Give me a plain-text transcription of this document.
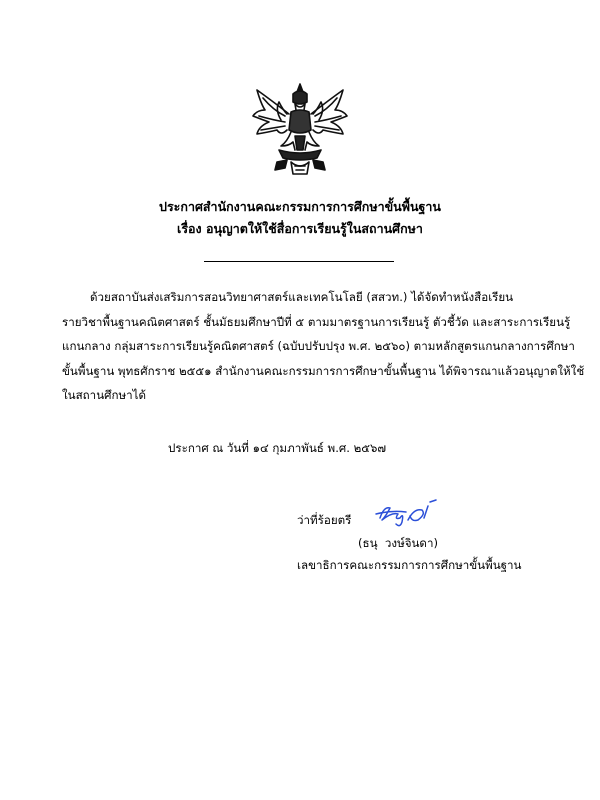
ประกาศสำนักงานคณะกรรมการการศึกษาขั้นพื้นฐาน
เรื่อง อนุญาตให้ใช้สื่อการเรียนรู้ในสถานศึกษา
ด้วยสถาบันส่งเสริมการสอนวิทยาศาสตร์และเทคโนโลยี (สสวท.) ได้จัดทำหนังสือเรียน
รายวิชาพื้นฐานคณิตศาสตร์ ชั้นมัธยมศึกษาปีที่ ๕ ตามมาตรฐานการเรียนรู้ ตัวชี้วัด และสาระการเรียนรู้
แกนกลาง กลุ่มสาระการเรียนรู้คณิตศาสตร์ (ฉบับปรับปรุง พ.ศ. ๒๕๖๐) ตามหลักสูตรแกนกลางการศึกษา
ขั้นพื้นฐาน พุทธศักราช ๒๕๕๑ สำนักงานคณะกรรมการการศึกษาขั้นพื้นฐาน ได้พิจารณาแล้วอนุญาตให้ใช้
ในสถานศึกษาได้
ประกาศ ณ วันที่ ๑๔ กุมภาพันธ์ พ.ศ. ๒๕๖๗
ว่าที่ร้อยตรี
(ธนุ  วงษ์จินดา)
เลขาธิการคณะกรรมการการศึกษาขั้นพื้นฐาน
